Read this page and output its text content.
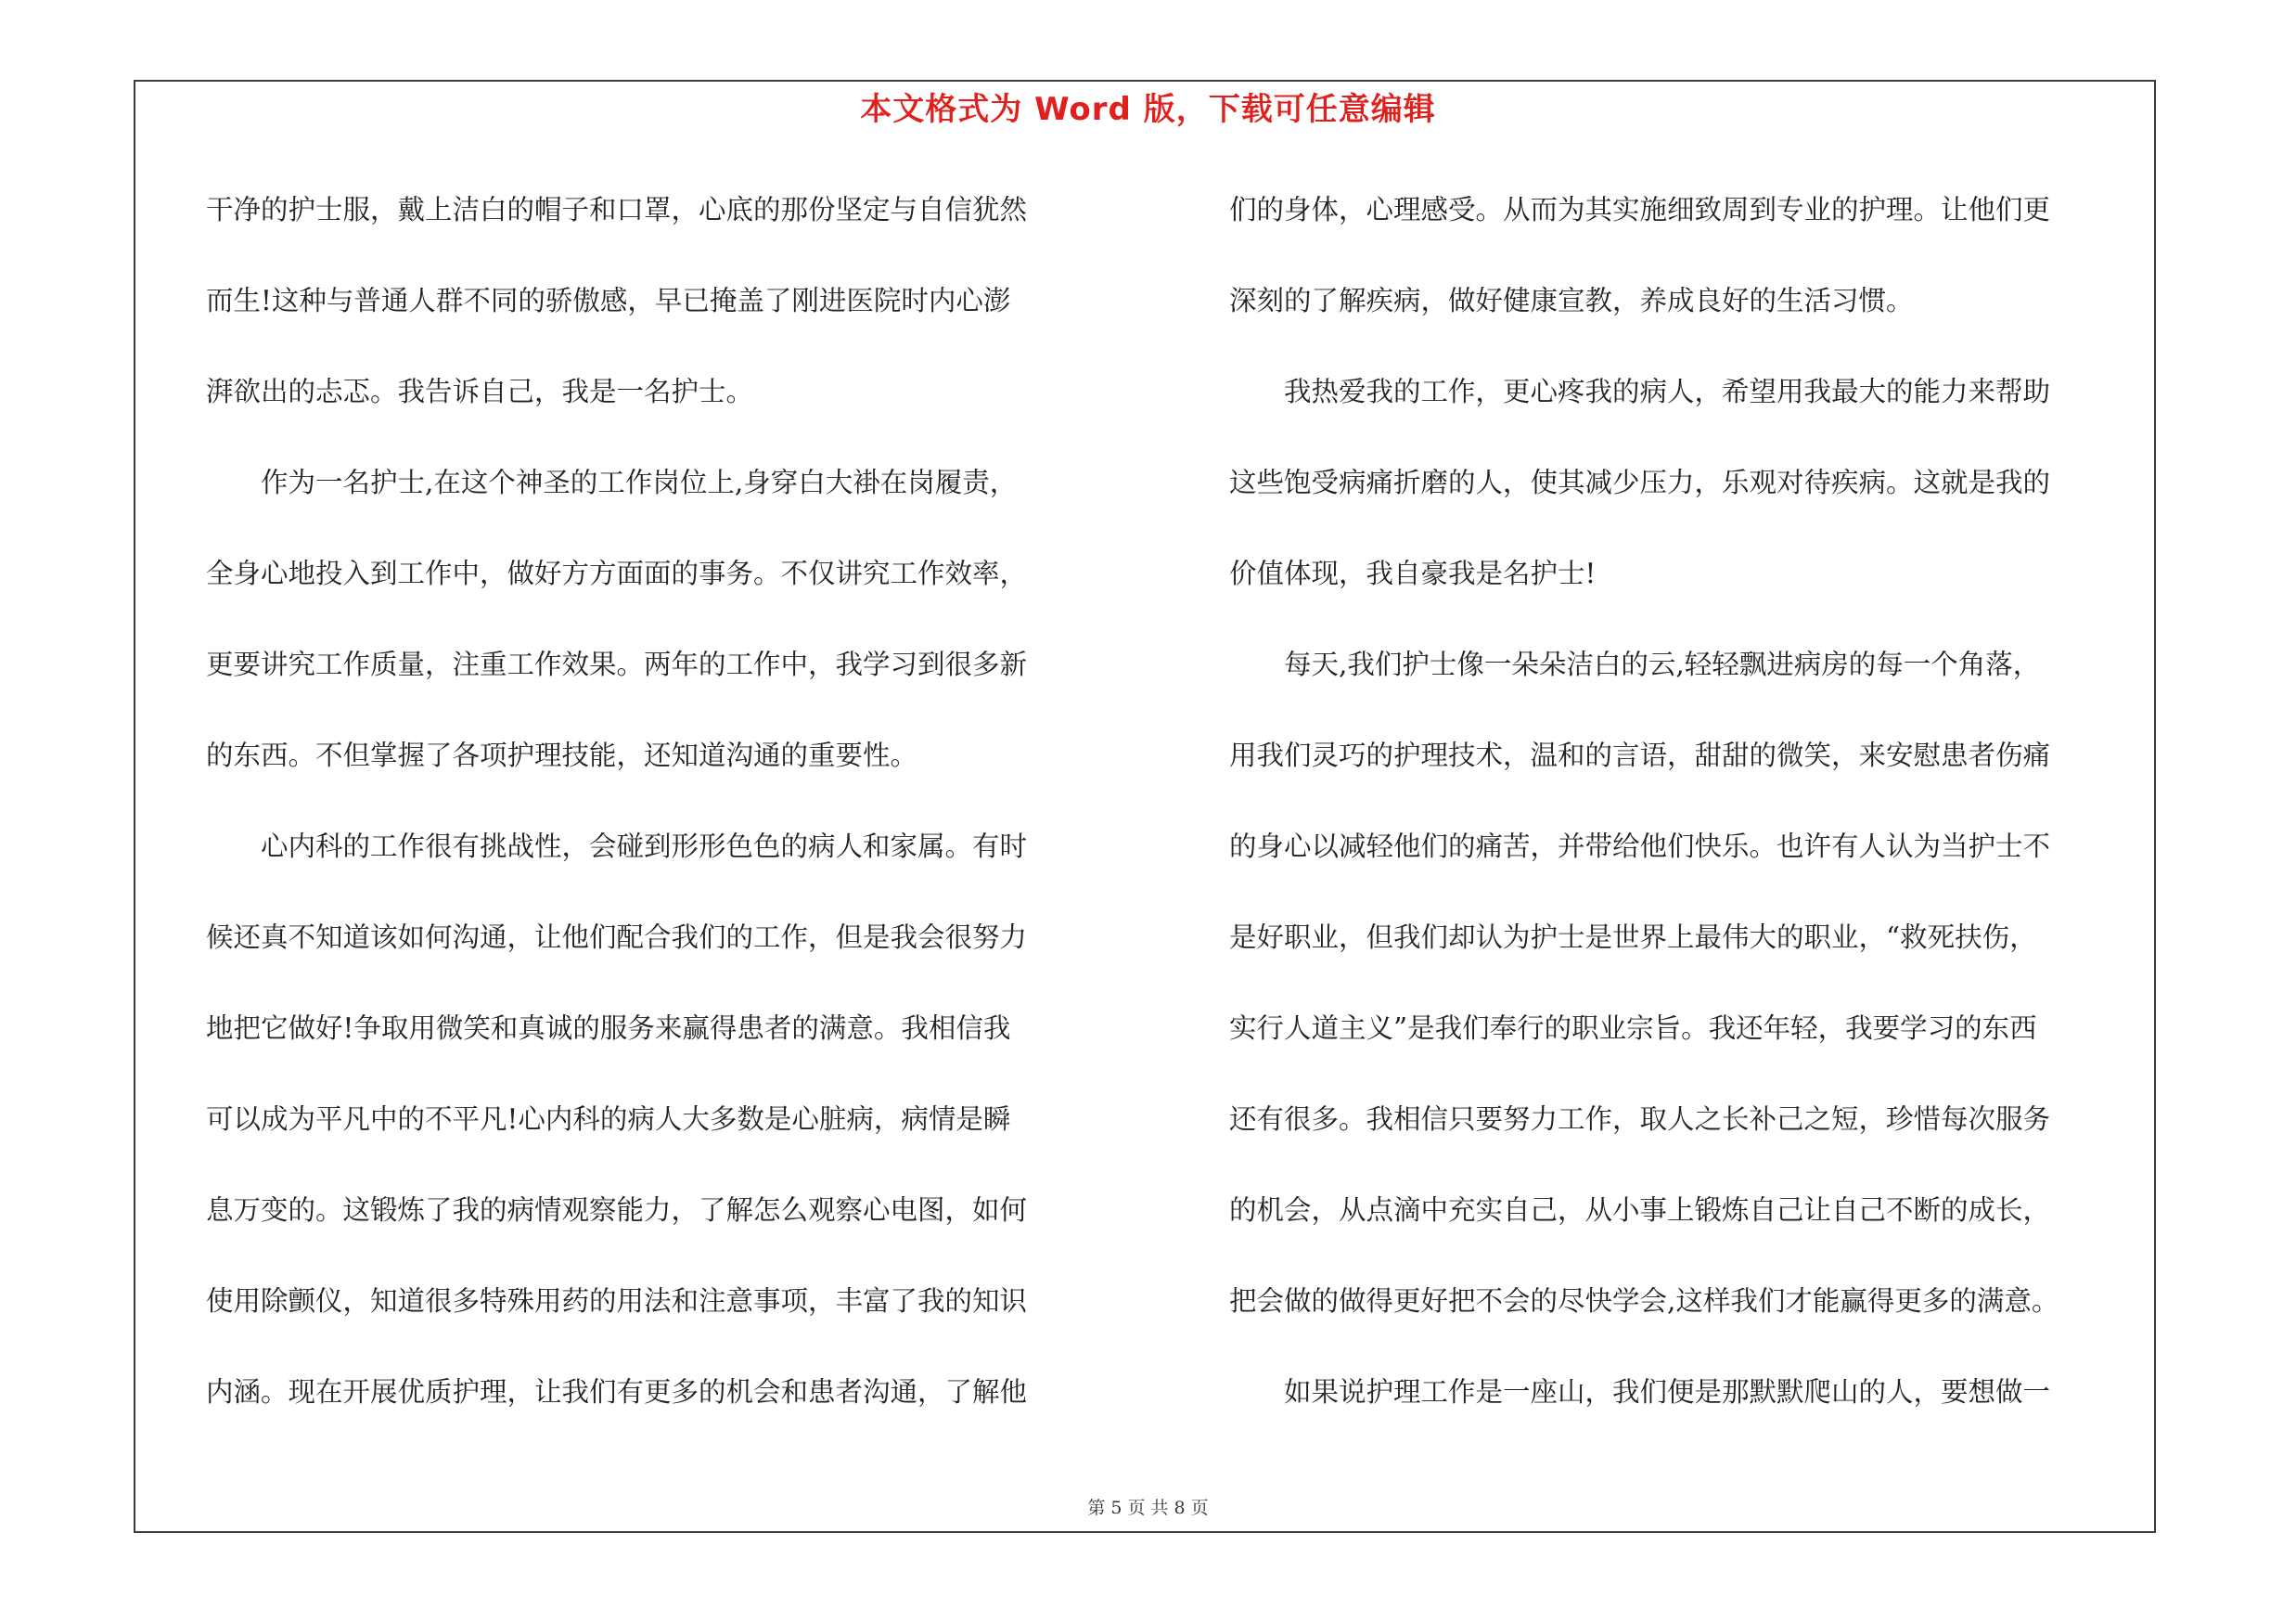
本文格式为 Word 版，下载可任意编辑
干净的护士服，戴上洁白的帽子和口罩，心底的那份坚定与自信犹然
而生!这种与普通人群不同的骄傲感，早已掩盖了刚进医院时内心澎
湃欲出的忐忑。我告诉自己，我是一名护士。
　　作为一名护士,在这个神圣的工作岗位上,身穿白大褂在岗履责，
全身心地投入到工作中，做好方方面面的事务。不仅讲究工作效率，
更要讲究工作质量，注重工作效果。两年的工作中，我学习到很多新
的东西。不但掌握了各项护理技能，还知道沟通的重要性。
　　心内科的工作很有挑战性，会碰到形形色色的病人和家属。有时
候还真不知道该如何沟通，让他们配合我们的工作，但是我会很努力
地把它做好!争取用微笑和真诚的服务来赢得患者的满意。我相信我
可以成为平凡中的不平凡!心内科的病人大多数是心脏病，病情是瞬
息万变的。这锻炼了我的病情观察能力，了解怎么观察心电图，如何
使用除颤仪，知道很多特殊用药的用法和注意事项，丰富了我的知识
内涵。现在开展优质护理，让我们有更多的机会和患者沟通，了解他
们的身体，心理感受。从而为其实施细致周到专业的护理。让他们更
深刻的了解疾病，做好健康宣教，养成良好的生活习惯。
　　我热爱我的工作，更心疼我的病人，希望用我最大的能力来帮助
这些饱受病痛折磨的人，使其减少压力，乐观对待疾病。这就是我的
价值体现，我自豪我是名护士!
　　每天,我们护士像一朵朵洁白的云,轻轻飘进病房的每一个角落，
用我们灵巧的护理技术，温和的言语，甜甜的微笑，来安慰患者伤痛
的身心以减轻他们的痛苦，并带给他们快乐。也许有人认为当护士不
是好职业，但我们却认为护士是世界上最伟大的职业，“救死扶伤，
实行人道主义”是我们奉行的职业宗旨。我还年轻，我要学习的东西
还有很多。我相信只要努力工作，取人之长补己之短，珍惜每次服务
的机会，从点滴中充实自己，从小事上锻炼自己让自己不断的成长，
把会做的做得更好把不会的尽快学会,这样我们才能赢得更多的满意。
　　如果说护理工作是一座山，我们便是那默默爬山的人，要想做一
第 5 页 共 8 页
